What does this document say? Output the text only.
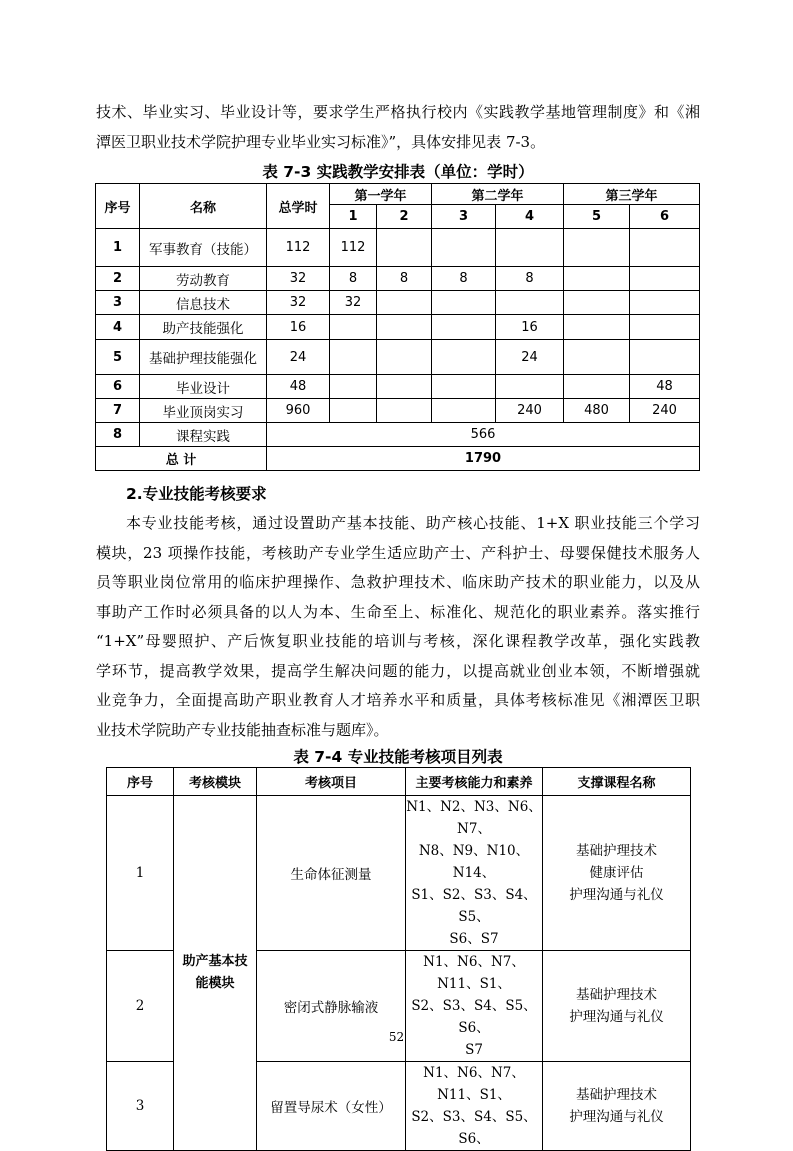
技术、毕业实习、毕业设计等，要求学生严格执行校内《实践教学基地管理制度》和《湘
潭医卫职业技术学院护理专业毕业实习标准》”，具体安排见表 7-3。
表 7-3 实践教学安排表（单位：学时）
序号	名称	总学时	第一学年		第二学年		第三学年	
			1	2	3	4	5	6
1	军事教育（技能）	112	112					
2	劳动教育	32	8	8	8	8		
3	信息技术	32	32					
4	助产技能强化	16				16		
5	基础护理技能强化	24				24		
6	毕业设计	48						48
7	毕业顶岗实习	960				240	480	240
8	课程实践	566						
总 计		1790						
2.专业技能考核要求
本专业技能考核，通过设置助产基本技能、助产核心技能、1+X 职业技能三个学习
模块，23 项操作技能，考核助产专业学生适应助产士、产科护士、母婴保健技术服务人
员等职业岗位常用的临床护理操作、急救护理技术、临床助产技术的职业能力，以及从
事助产工作时必须具备的以人为本、生命至上、标准化、规范化的职业素养。落实推行
“1+X”母婴照护、产后恢复职业技能的培训与考核，深化课程教学改革，强化实践教
学环节，提高教学效果，提高学生解决问题的能力，以提高就业创业本领，不断增强就
业竞争力，全面提高助产职业教育人才培养水平和质量，具体考核标准见《湘潭医卫职
业技术学院助产专业技能抽查标准与题库》。
表 7-4 专业技能考核项目列表
序号	考核模块	考核项目	主要考核能力和素养	支撑课程名称
1	助产基本技
能模块	生命体征测量	N1、N2、N3、N6、N7、
N8、N9、N10、N14、
S1、S2、S3、S4、S5、
S6、S7	基础护理技术
健康评估
护理沟通与礼仪

2		密闭式静脉输液	N1、N6、N7、N11、S1、
S2、S3、S4、S5、S6、
S7	基础护理技术
护理沟通与礼仪

3		留置导尿术（女性）	N1、N6、N7、N11、S1、
S2、S3、S4、S5、S6、	基础护理技术
护理沟通与礼仪
52
